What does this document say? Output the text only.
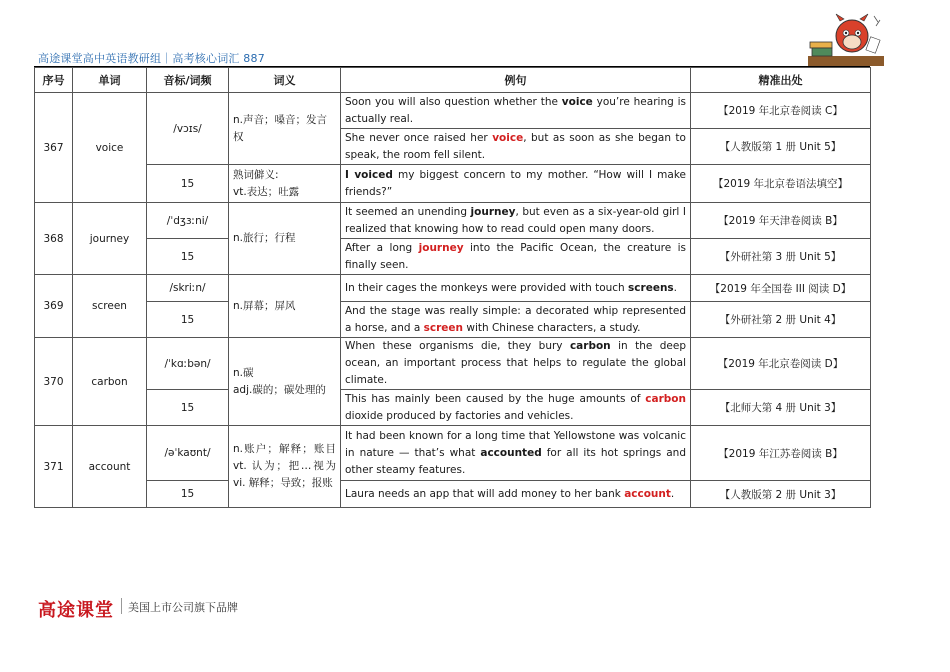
高途课堂高中英语教研组｜高考核心词汇 887
序号	单词	音标/词频	词义	例句	精准出处
367	voice	/vɔɪs/	n.声音；嗓音；发言权	Soon you will also question whether the voice you’re hearing is actually real.	【2019 年北京卷阅读 C】
				She never once raised her voice, but as soon as she began to speak, the room fell silent.	【人教版第 1 册 Unit 5】
		15	熟词僻义:
vt.表达；吐露	I voiced my biggest concern to my mother. “How will I make friends?”	【2019 年北京卷语法填空】
368	journey	/ˈdʒɜːni/	n.旅行；行程	It seemed an unending journey, but even as a six-year-old girl I realized that knowing how to read could open many doors.	【2019 年天津卷阅读 B】
		15		After a long journey into the Pacific Ocean, the creature is finally seen.	【外研社第 3 册 Unit 5】
369	screen	/skriːn/	n.屏幕；屏风	In their cages the monkeys were provided with touch screens.	【2019 年全国卷 III 阅读 D】
		15		And the stage was really simple: a decorated whip represented a horse, and a screen with Chinese characters, a study.	【外研社第 2 册 Unit 4】
370	carbon	/ˈkɑːbən/	n.碳
adj.碳的；碳处理的	When these organisms die, they bury carbon in the deep ocean, an important process that helps to regulate the global climate.	【2019 年北京卷阅读 D】
		15		This has mainly been caused by the huge amounts of carbon dioxide produced by factories and vehicles.	【北师大第 4 册 Unit 3】
371	account	/əˈkaʊnt/	n.账户；解释；账目 vt. 认为；把…视为 vi. 解释；导致；报账	It had been known for a long time that Yellowstone was volcanic in nature — that’s what accounted for all its hot springs and other steamy features.	【2019 年江苏卷阅读 B】
		15		Laura needs an app that will add money to her bank account.	【人教版第 2 册 Unit 3】
高途课堂 美国上市公司旗下品牌
